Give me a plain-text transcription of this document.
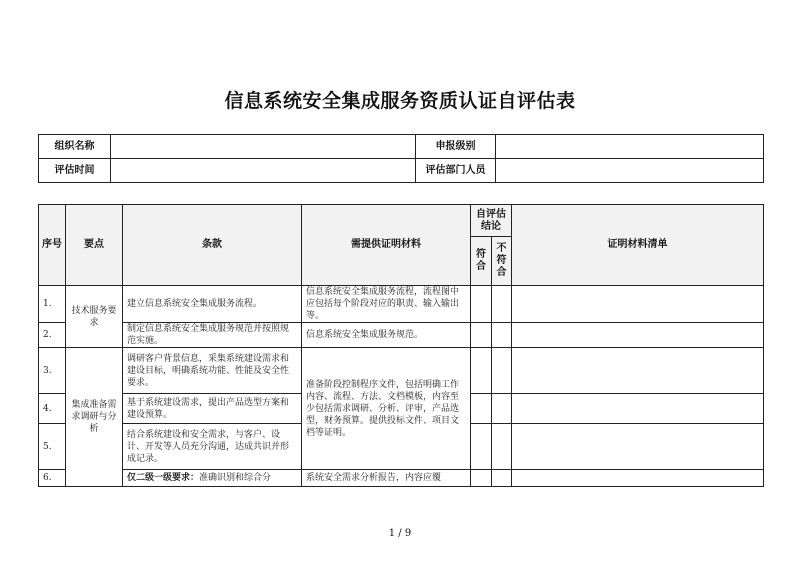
信息系统安全集成服务资质认证自评估表
组织名称		申报级别	
评估时间		评估部门人员	
序号	要点	条款	需提供证明材料	自评估结论		证明材料清单
				符合	不符合	
1.	技术服务要求	建立信息系统安全集成服务流程。	信息系统安全集成服务流程，流程图中应包括每个阶段对应的职责、输入输出等。			
2.		制定信息系统安全集成服务规范并按照规范实施。	信息系统安全集成服务规范。			
3.	集成准备需求调研与分析	调研客户背景信息，采集系统建设需求和建设目标，明确系统功能、性能及安全性要求。	准备阶段控制程序文件，包括明确工作内容、流程、方法、文档模板，内容至少包括需求调研、分析、评审，产品选型，财务预算。提供投标文件、项目文档等证明。			
4.		基于系统建设需求，提出产品选型方案和建设预算。				
5.		结合系统建设和安全需求，与客户、设计、开发等人员充分沟通，达成共识并形成记录。				
6.		仅二级一级要求：准确识别和综合分	系统安全需求分析报告，内容应覆			
1 / 9
